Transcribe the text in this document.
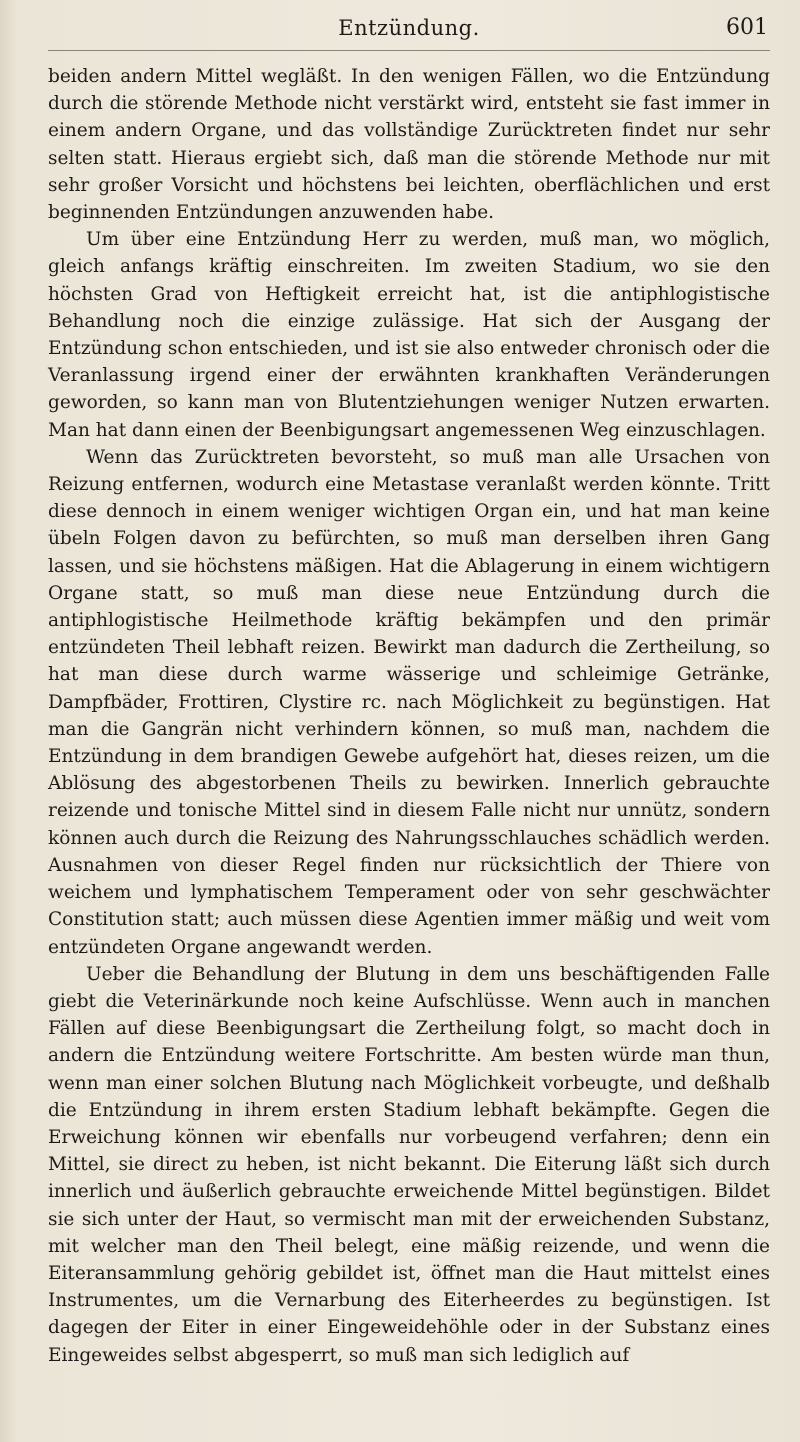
Entzündung.	601

beiden andern Mittel wegläßt. In den wenigen Fällen, wo die Entzündung durch die störende Methode nicht verstärkt wird, entsteht sie fast immer in einem andern Organe, und das vollständige Zurücktreten findet nur sehr selten statt. Hieraus ergiebt sich, daß man die störende Methode nur mit sehr großer Vorsicht und höchstens bei leichten, oberflächlichen und erst beginnenden Entzündungen anzuwenden habe.

Um über eine Entzündung Herr zu werden, muß man, wo möglich, gleich anfangs kräftig einschreiten. Im zweiten Stadium, wo sie den höchsten Grad von Heftigkeit erreicht hat, ist die antiphlogistische Behandlung noch die einzige zulässige. Hat sich der Ausgang der Entzündung schon entschieden, und ist sie also entweder chronisch oder die Veranlassung irgend einer der erwähnten krankhaften Veränderungen geworden, so kann man von Blutentziehungen weniger Nutzen erwarten. Man hat dann einen der Beenbigungsart angemessenen Weg einzuschlagen.

Wenn das Zurücktreten bevorsteht, so muß man alle Ursachen von Reizung entfernen, wodurch eine Metastase veranlaßt werden könnte. Tritt diese dennoch in einem weniger wichtigen Organ ein, und hat man keine übeln Folgen davon zu befürchten, so muß man derselben ihren Gang lassen, und sie höchstens mäßigen. Hat die Ablagerung in einem wichtigern Organe statt, so muß man diese neue Entzündung durch die antiphlogistische Heilmethode kräftig bekämpfen und den primär entzündeten Theil lebhaft reizen. Bewirkt man dadurch die Zertheilung, so hat man diese durch warme wässerige und schleimige Getränke, Dampfbäder, Frottiren, Clystire rc. nach Möglichkeit zu begünstigen. Hat man die Gangrän nicht verhindern können, so muß man, nachdem die Entzündung in dem brandigen Gewebe aufgehört hat, dieses reizen, um die Ablösung des abgestorbenen Theils zu bewirken. Innerlich gebrauchte reizende und tonische Mittel sind in diesem Falle nicht nur unnütz, sondern können auch durch die Reizung des Nahrungsschlauches schädlich werden. Ausnahmen von dieser Regel finden nur rücksichtlich der Thiere von weichem und lymphatischem Temperament oder von sehr geschwächter Constitution statt; auch müssen diese Agentien immer mäßig und weit vom entzündeten Organe angewandt werden.

Ueber die Behandlung der Blutung in dem uns beschäftigenden Falle giebt die Veterinärkunde noch keine Aufschlüsse. Wenn auch in manchen Fällen auf diese Beenbigungsart die Zertheilung folgt, so macht doch in andern die Entzündung weitere Fortschritte. Am besten würde man thun, wenn man einer solchen Blutung nach Möglichkeit vorbeugte, und deßhalb die Entzündung in ihrem ersten Stadium lebhaft bekämpfte. Gegen die Erweichung können wir ebenfalls nur vorbeugend verfahren; denn ein Mittel, sie direct zu heben, ist nicht bekannt. Die Eiterung läßt sich durch innerlich und äußerlich gebrauchte erweichende Mittel begünstigen. Bildet sie sich unter der Haut, so vermischt man mit der erweichenden Substanz, mit welcher man den Theil belegt, eine mäßig reizende, und wenn die Eiteransammlung gehörig gebildet ist, öffnet man die Haut mittelst eines Instrumentes, um die Vernarbung des Eiterheerdes zu begünstigen. Ist dagegen der Eiter in einer Eingeweidehöhle oder in der Substanz eines Eingeweides selbst abgesperrt, so muß man sich lediglich auf
